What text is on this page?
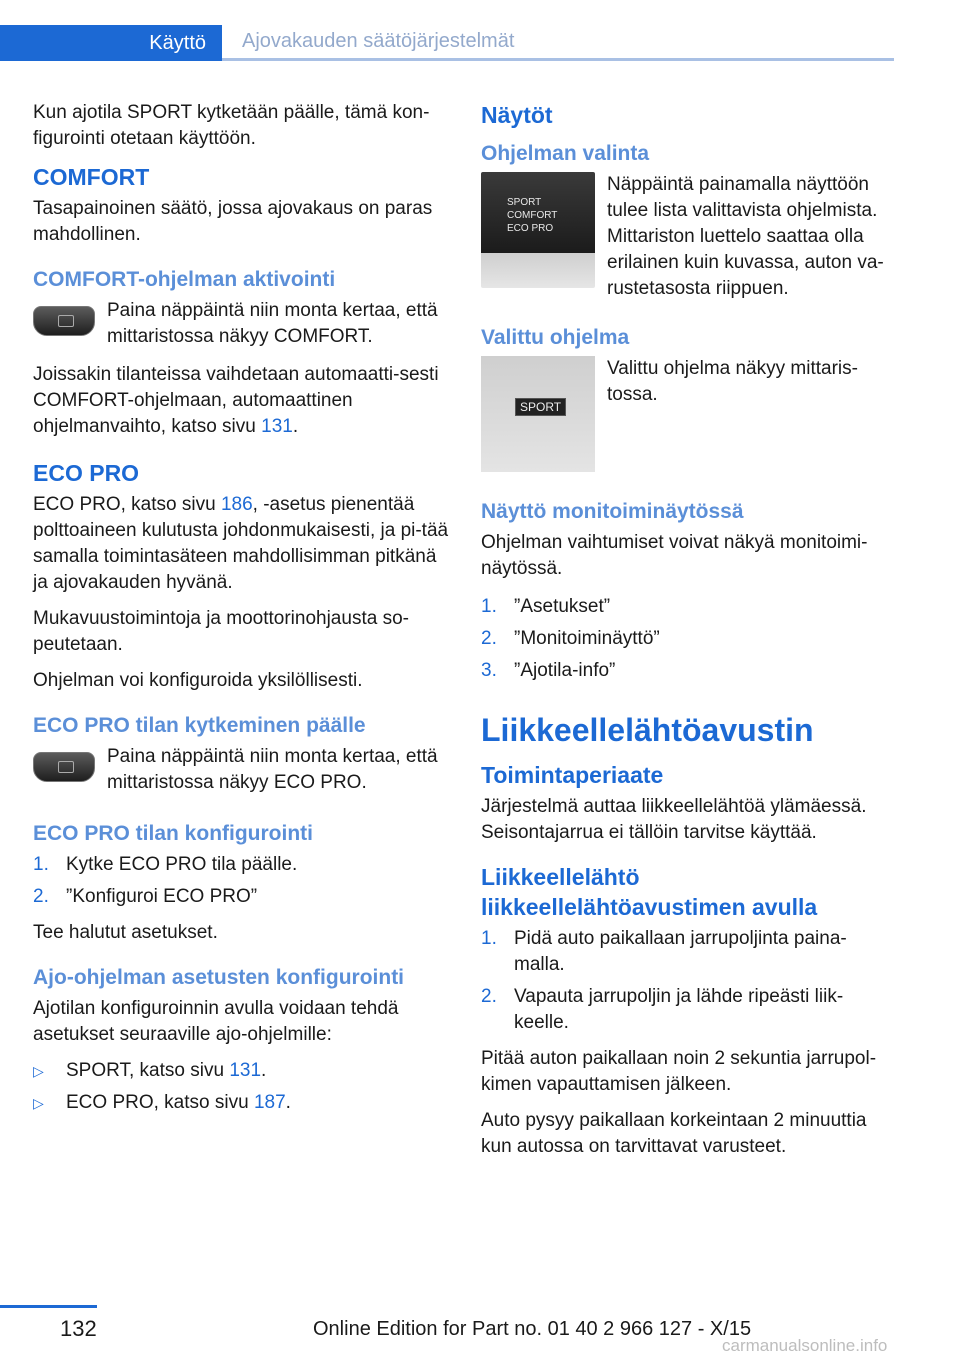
Käyttö	Ajovakauden säätöjärjestelmät

Kun ajotila SPORT kytketään päälle, tämä kon-figurointi otetaan käyttöön.

COMFORT

Tasapainoinen säätö, jossa ajovakaus on paras mahdollinen.

COMFORT-ohjelman aktivointi
Paina näppäintä niin monta kertaa, että mittaristossa näkyy COMFORT.

Joissakin tilanteissa vaihdetaan automaatti-sesti COMFORT-ohjelmaan, automaattinen ohjelmanvaihto, katso sivu 131.

ECO PRO

ECO PRO, katso sivu 186, -asetus pienentää polttoaineen kulutusta johdonmukaisesti, ja pi-tää samalla toimintasäteen mahdollisimman pitkänä ja ajovakauden hyvänä.

Mukavuustoimintoja ja moottorinohjausta so-peutetaan.

Ohjelman voi konfiguroida yksilöllisesti.

ECO PRO tilan kytkeminen päälle
Paina näppäintä niin monta kertaa, että mittaristossa näkyy ECO PRO.
ECO PRO tilan konfigurointi
1. Kytke ECO PRO tila päälle.
2. ”Konfiguroi ECO PRO”

Tee halutut asetukset.

Ajo-ohjelman asetusten konfigurointi

Ajotilan konfiguroinnin avulla voidaan tehdä asetukset seuraaville ajo-ohjelmille:

▷	SPORT, katso sivu 131.
▷	ECO PRO, katso sivu 187.
Näytöt
Ohjelman valinta
SPORT
COMFORT
ECO PRO
Näppäintä painamalla näyttöön tulee lista valittavista ohjelmista. Mittariston luettelo saattaa olla erilainen kuin kuvassa, auton va-rustetasosta riippuen.
Valittu ohjelma
SPORT
Valittu ohjelma näkyy mittaris-tossa.
Näyttö monitoiminäytössä

Ohjelman vaihtumiset voivat näkyä monitoimi-näytössä.

1. ”Asetukset”
2. ”Monitoiminäyttö”
3. ”Ajotila-info”
Liikkeellelähtöavustin
Toimintaperiaate

Järjestelmä auttaa liikkeellelähtöä ylämäessä. Seisontajarrua ei tällöin tarvitse käyttää.

Liikkeellelähtö liikkeellelähtöavustimen avulla
1. Pidä auto paikallaan jarrupoljinta paina-malla.
2. Vapauta jarrupoljin ja lähde ripeästi liik-keelle.

Pitää auton paikallaan noin 2 sekuntia jarrupol-kimen vapauttamisen jälkeen.

Auto pysyy paikallaan korkeintaan 2 minuuttia kun autossa on tarvittavat varusteet.

132	Online Edition for Part no. 01 40 2 966 127 - X/15
carmanualsonline.info
